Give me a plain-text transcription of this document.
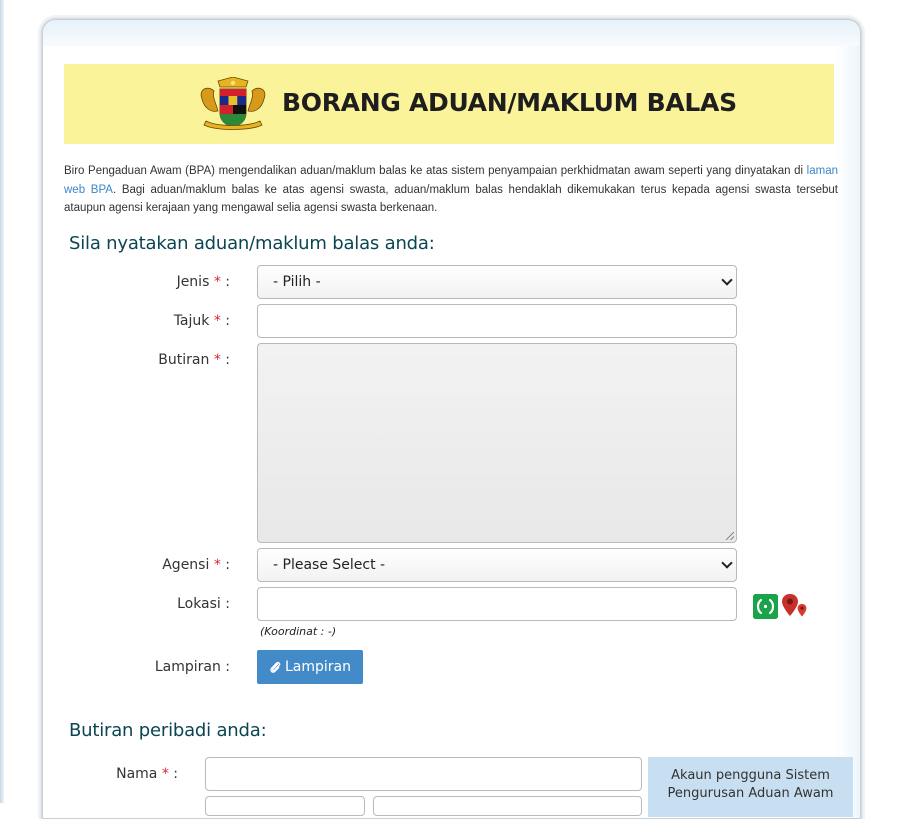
BORANG ADUAN/MAKLUM BALAS

Biro Pengaduan Awam (BPA) mengendalikan aduan/maklum balas ke atas sistem penyampaian perkhidmatan awam seperti yang dinyatakan di laman web BPA. Bagi aduan/maklum balas ke atas agensi swasta, aduan/maklum balas hendaklah dikemukakan terus kepada agensi swasta tersebut ataupun agensi kerajaan yang mengawal selia agensi swasta berkenaan.

Sila nyatakan aduan/maklum balas anda:
Jenis * :	- Pilih -
Tajuk * :
Butiran * :
Agensi * :	- Please Select -
Lokasi :
(Koordinat : -)
Lampiran :	Lampiran
Butiran peribadi anda:
Nama * :	Akaun pengguna Sistem
Pengurusan Aduan Awam
